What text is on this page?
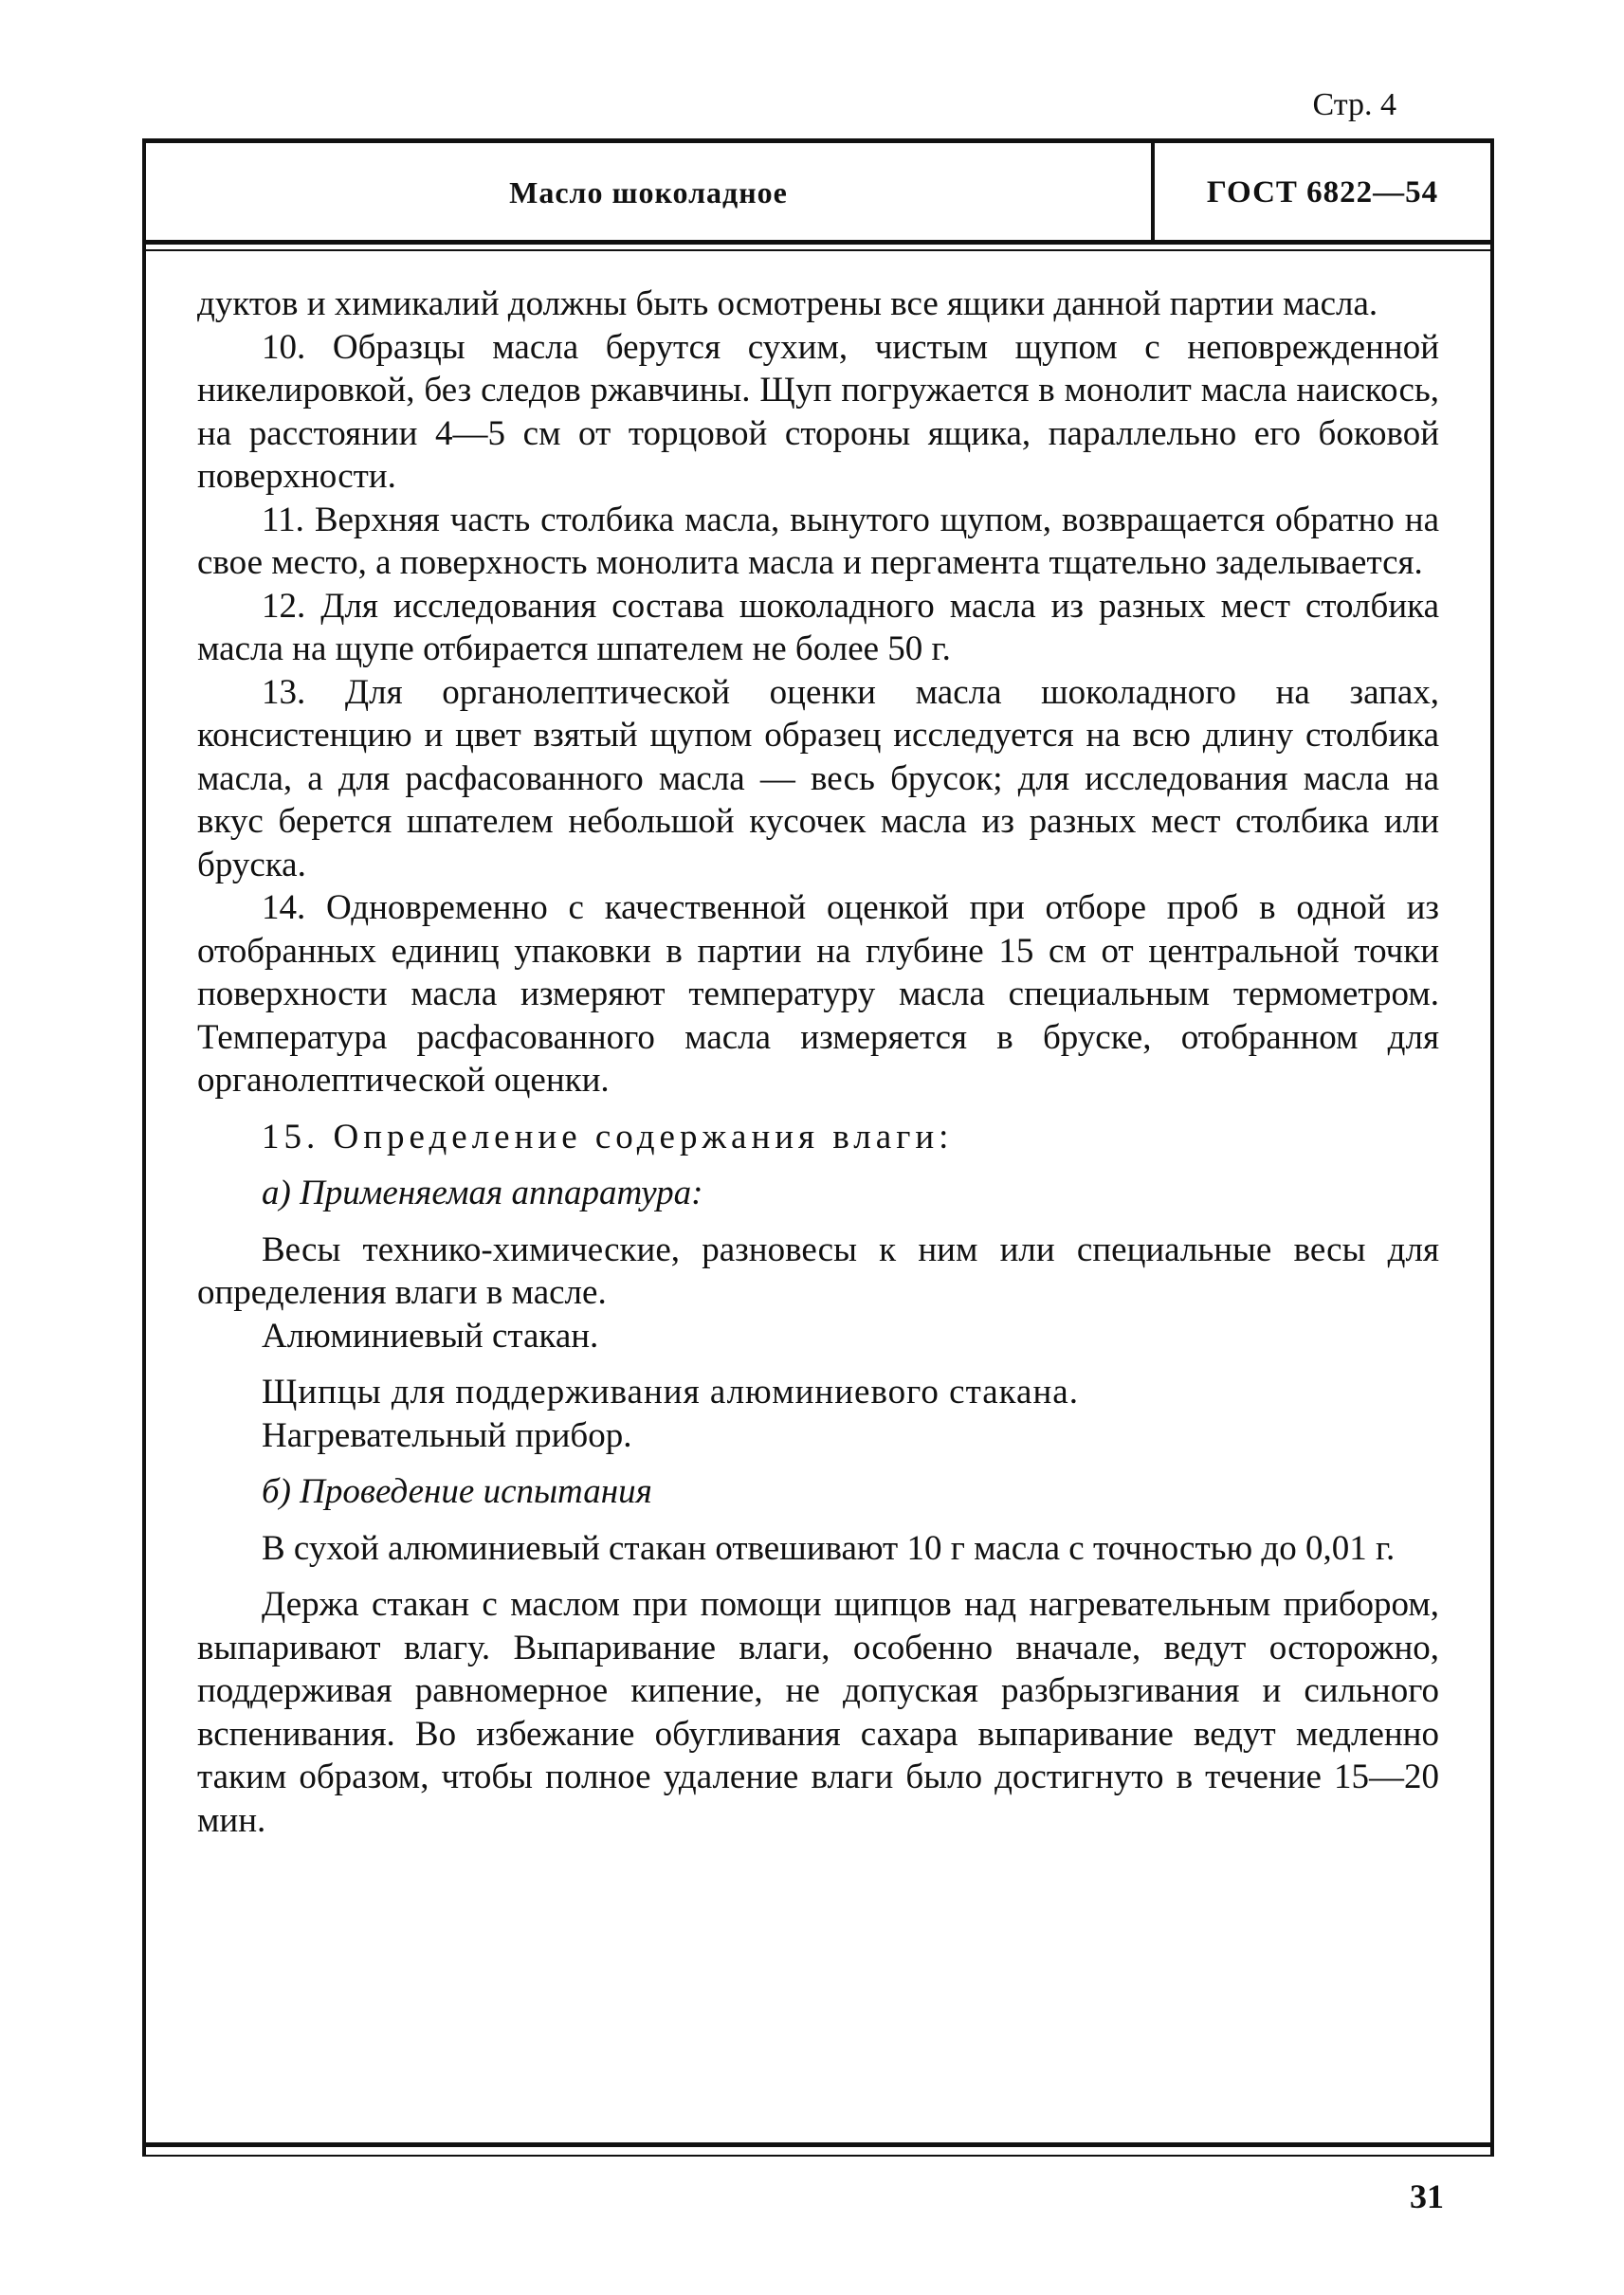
Стр. 4
Масло шоколадное	ГОСТ 6822—54

дуктов и химикалий должны быть осмотрены все ящики данной партии масла.

10. Образцы масла берутся сухим, чистым щупом с неповрежденной никелировкой, без следов ржавчины. Щуп погружается в монолит масла наискось, на расстоянии 4—5 см от торцовой стороны ящика, параллельно его боковой поверхности.

11. Верхняя часть столбика масла, вынутого щупом, возвращается обратно на свое место, а поверхность монолита масла и пергамента тщательно заделывается.

12. Для исследования состава шоколадного масла из разных мест столбика масла на щупе отбирается шпателем не более 50 г.

13. Для органолептической оценки масла шоколадного на запах, консистенцию и цвет взятый щупом образец исследуется на всю длину столбика масла, а для расфасованного масла — весь брусок; для исследования масла на вкус берется шпателем небольшой кусочек масла из разных мест столбика или бруска.

14. Одновременно с качественной оценкой при отборе проб в одной из отобранных единиц упаковки в партии на глубине 15 см от центральной точки поверхности масла измеряют температуру масла специальным термометром. Температура расфасованного масла измеряется в бруске, отобранном для органолептической оценки.

15. Определение содержания влаги:

а) Применяемая аппаратура:

Весы технико-химические, разновесы к ним или специальные весы для определения влаги в масле.

Алюминиевый стакан.

Щипцы для поддерживания алюминиевого стакана.

Нагревательный прибор.

б) Проведение испытания

В сухой алюминиевый стакан отвешивают 10 г масла с точностью до 0,01 г.

Держа стакан с маслом при помощи щипцов над нагревательным прибором, выпаривают влагу. Выпаривание влаги, особенно вначале, ведут осторожно, поддерживая равномерное кипение, не допуская разбрызгивания и сильного вспенивания. Во избежание обугливания сахара выпаривание ведут медленно таким образом, чтобы полное удаление влаги было достигнуто в течение 15—20 мин.

31
